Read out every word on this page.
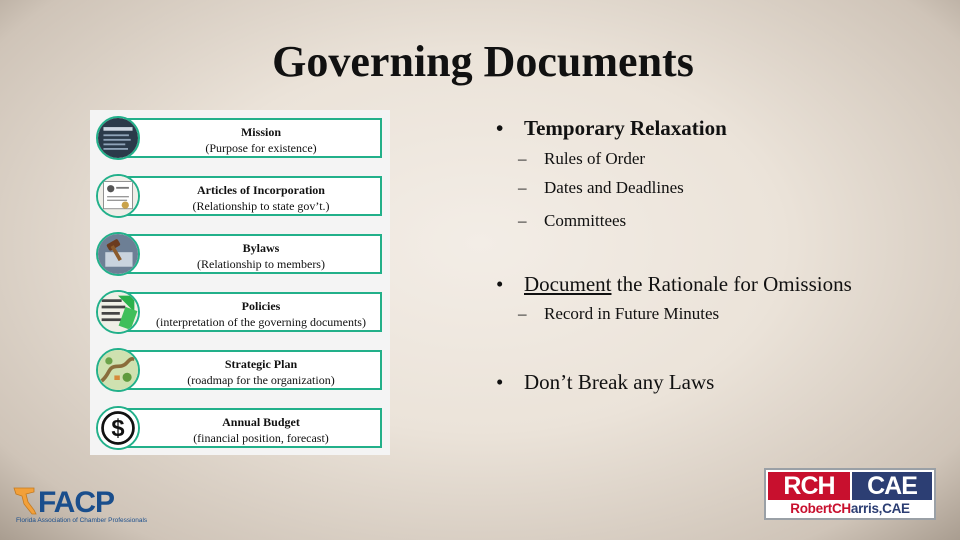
Governing Documents
Mission
(Purpose for existence)
Articles of Incorporation
(Relationship to state gov’t.)
Bylaws
(Relationship to members)
Policies
(interpretation of the governing documents)
Strategic Plan
(roadmap for the organization)
Annual Budget
(financial position, forecast)
$
• Temporary Relaxation
– Rules of Order
– Dates and Deadlines
– Committees
• Document the Rationale for Omissions
– Record in Future Minutes
• Don’t Break any Laws
FACP
Florida Association of Chamber Professionals
RCH	CAE
RobertCHarris,CAE
